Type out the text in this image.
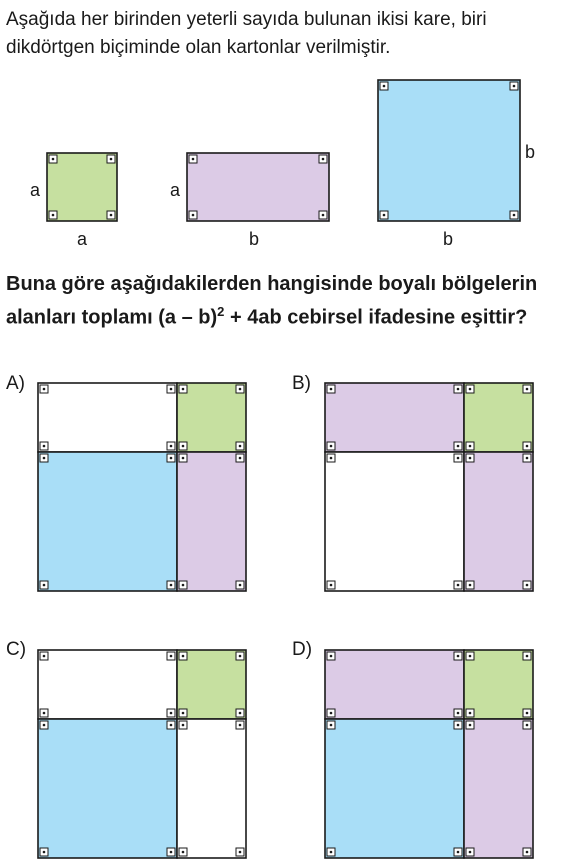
Aşağıda her birinden yeterli sayıda bulunan ikisi kare, biri dikdörtgen biçiminde olan kartonlar verilmiştir.

a
a
a
b
b
b

Buna göre aşağıdakilerden hangisinde boyalı bölgelerin alanları toplamı (a – b)$^2$ + 4ab cebirsel ifadesine eşittir?

A)	B)
C)	D)
